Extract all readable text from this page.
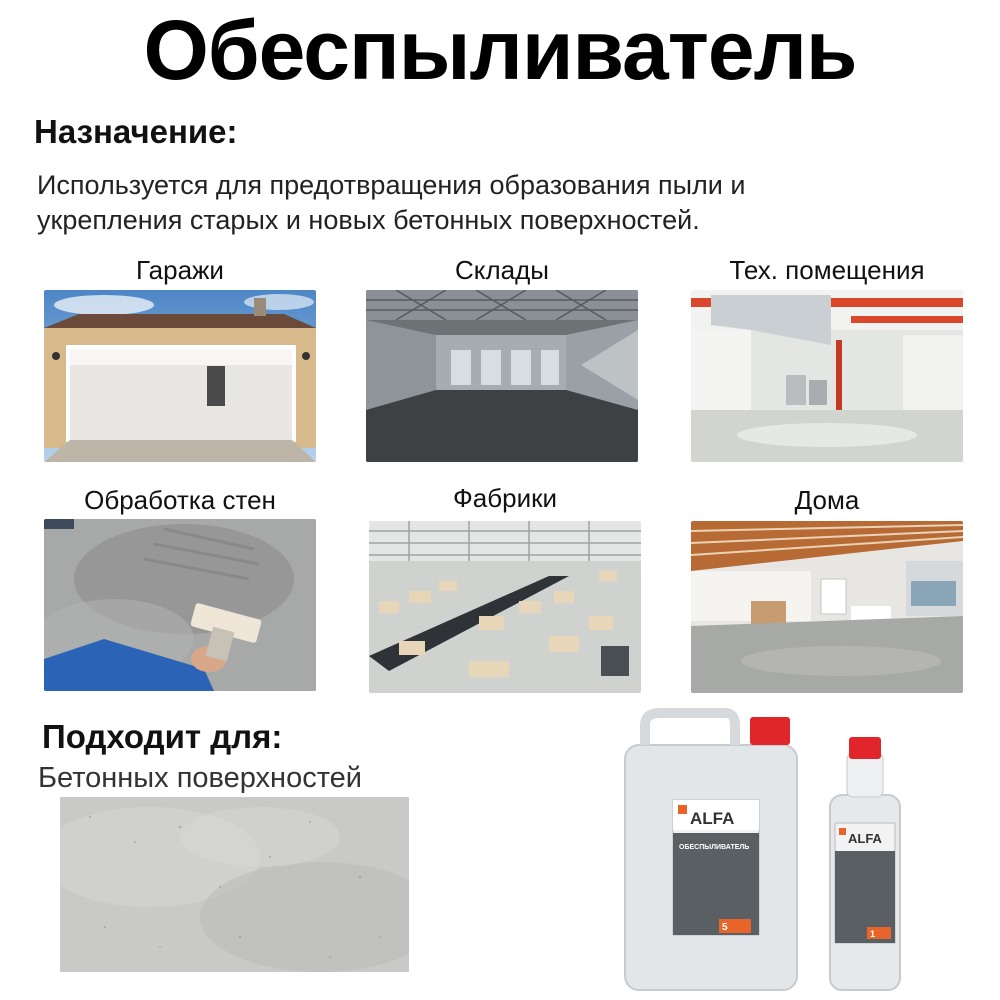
Обеспыливатель
Назначение:
Используется для предотвращения образования пыли и
укрепления старых и новых бетонных поверхностей.
Гаражи	Склады	Тех. помещения
Обработка стен	Фабрики	Дома
Подходит для:
Бетонных поверхностей
ALFA
ОБЕСПЫЛИВАТЕЛЬ
5
ALFA
1
